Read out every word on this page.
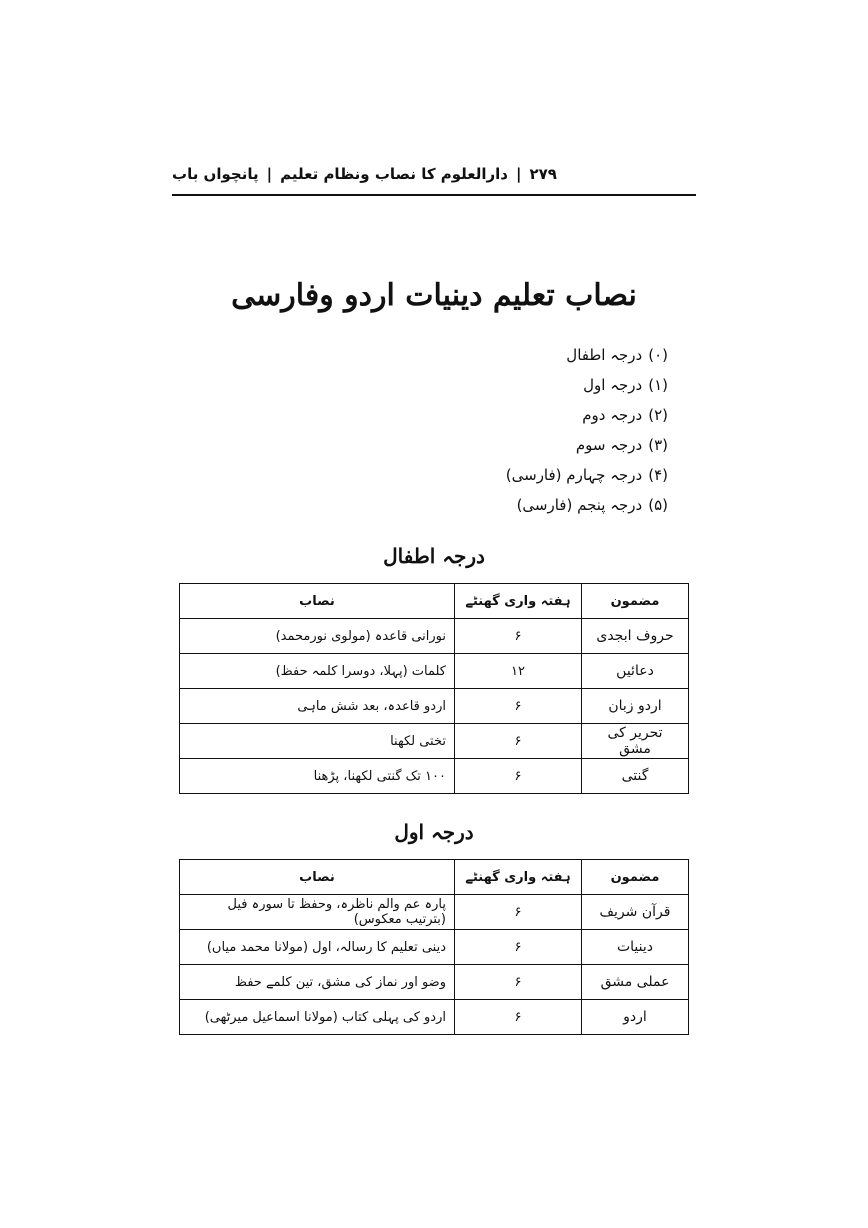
پانچواں باب | دارالعلوم کا نصاب ونظام تعلیم | ۲۷۹
نصاب تعلیم دینیات اردو وفارسی
(۰)درجہ اطفال
(۱)درجہ اول
(۲)درجہ دوم
(۳)درجہ سوم
(۴)درجہ چہارم (فارسی)
(۵)درجہ پنجم (فارسی)
درجہ اطفال
مضمون	ہفتہ واری گھنٹے	نصاب
حروف ابجدی	۶	نورانی قاعدہ (مولوی نورمحمد)
دعائیں	۱۲	کلمات (پہلا، دوسرا کلمہ حفظ)
اردو زبان	۶	اردو قاعدہ، بعد شش ماہی
تحریر کی مشق	۶	تختی لکھنا
گنتی	۶	۱۰۰ تک گنتی لکھنا، پڑھنا
درجہ اول
مضمون	ہفتہ واری گھنٹے	نصاب
قرآن شریف	۶	پارہ عم والم ناظرہ، وحفظ تا سورہ فیل (بترتیب معکوس)
دینیات	۶	دینی تعلیم کا رسالہ، اول (مولانا محمد میاں)
عملی مشق	۶	وضو اور نماز کی مشق، تین کلمے حفظ
اردو	۶	اردو کی پہلی کتاب (مولانا اسماعیل میرٹھی)
